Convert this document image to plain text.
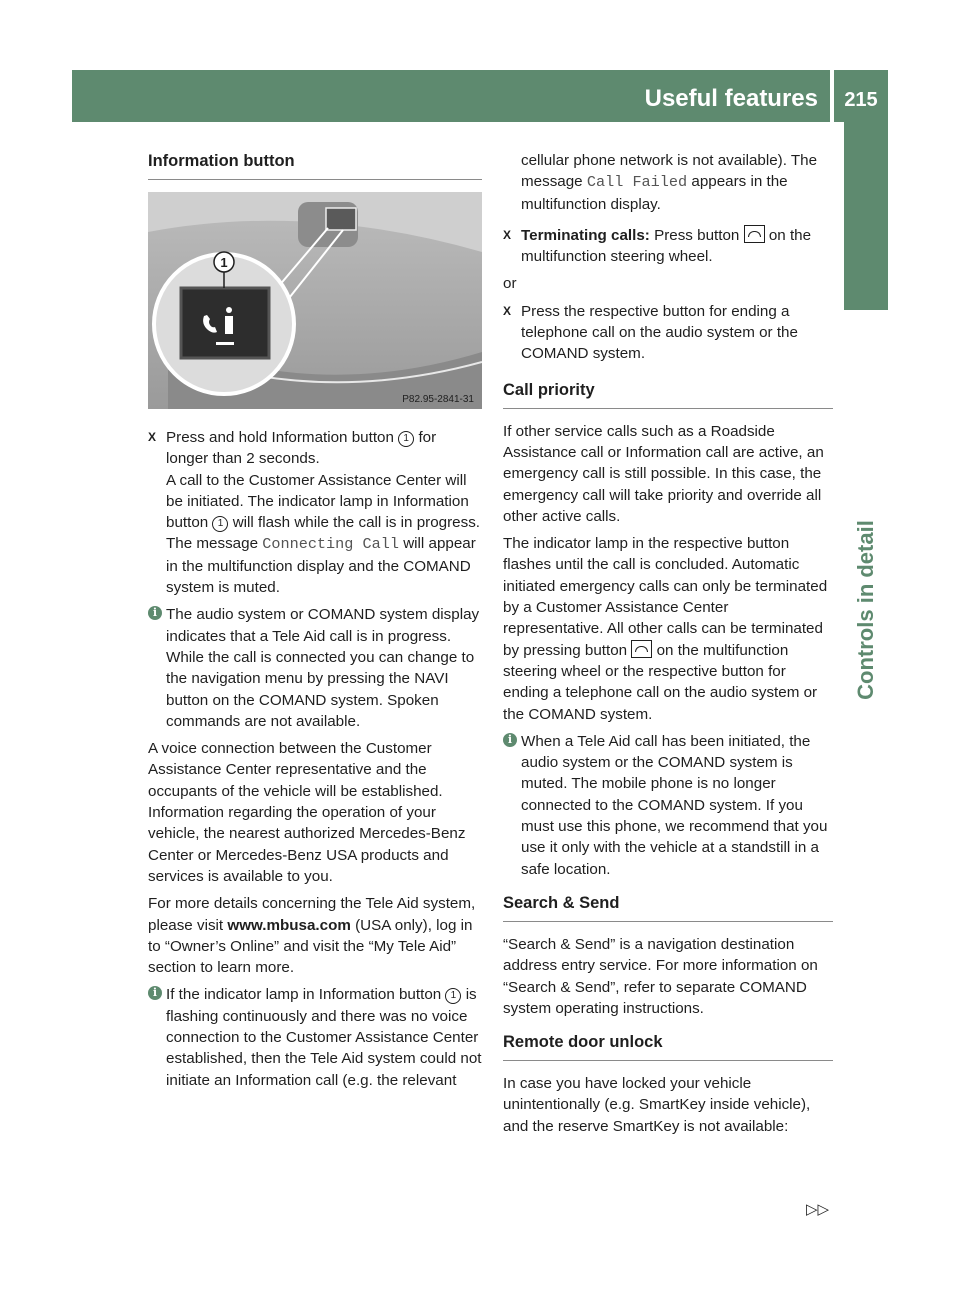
Useful features	215
Controls in detail
Information button
1
P82.95-2841-31
X Press and hold Information button 1 for longer than 2 seconds.
A call to the Customer Assistance Center will be initiated. The indicator lamp in Information button 1 will flash while the call is in progress. The message Connecting Call will appear in the multifunction display and the COMAND system is muted.
i The audio system or COMAND system display indicates that a Tele Aid call is in progress. While the call is connected you can change to the navigation menu by pressing the NAVI button on the COMAND system. Spoken commands are not available.

A voice connection between the Customer Assistance Center representative and the occupants of the vehicle will be established. Information regarding the operation of your vehicle, the nearest authorized Mercedes-Benz Center or Mercedes-Benz USA products and services is available to you.

For more details concerning the Tele Aid system, please visit www.mbusa.com (USA only), log in to “Owner’s Online” and visit the “My Tele Aid” section to learn more.

i If the indicator lamp in Information button 1 is flashing continuously and there was no voice connection to the Customer Assistance Center established, then the Tele Aid system could not initiate an Information call (e.g. the relevant
cellular phone network is not available). The message Call Failed appears in the multifunction display.
X Terminating calls: Press button on the multifunction steering wheel.

or

X Press the respective button for ending a telephone call on the audio system or the COMAND system.
Call priority

If other service calls such as a Roadside Assistance call or Information call are active, an emergency call is still possible. In this case, the emergency call will take priority and override all other active calls.

The indicator lamp in the respective button flashes until the call is concluded. Automatic initiated emergency calls can only be terminated by a Customer Assistance Center representative. All other calls can be terminated by pressing button on the multifunction steering wheel or the respective button for ending a telephone call on the audio system or the COMAND system.

i When a Tele Aid call has been initiated, the audio system or the COMAND system is muted. The mobile phone is no longer connected to the COMAND system. If you must use this phone, we recommend that you use it only with the vehicle at a standstill in a safe location.
Search & Send

“Search & Send” is a navigation destination address entry service. For more information on “Search & Send”, refer to separate COMAND system operating instructions.

Remote door unlock

In case you have locked your vehicle unintentionally (e.g. SmartKey inside vehicle), and the reserve SmartKey is not available:

▷▷
